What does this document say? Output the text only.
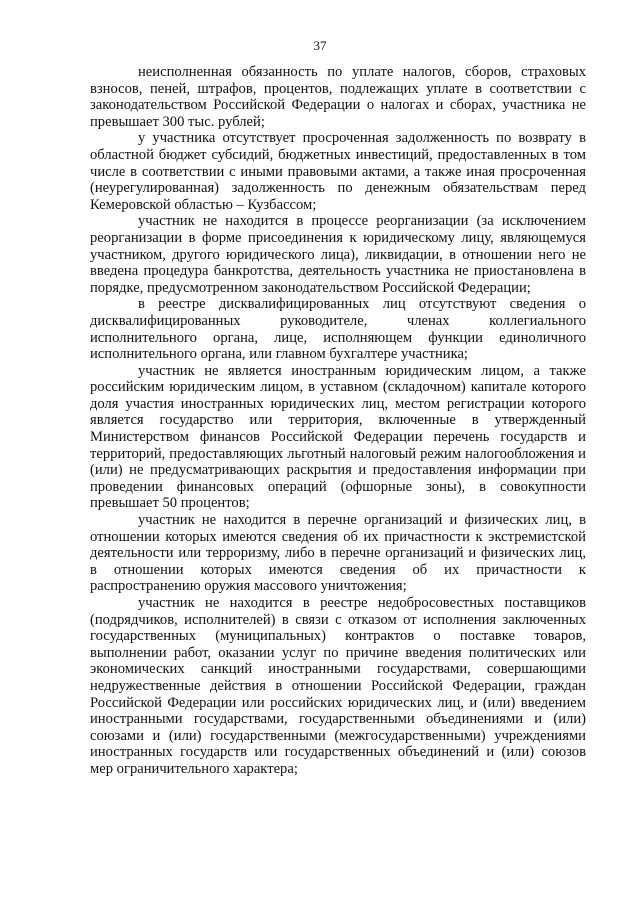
37

неисполненная обязанность по уплате налогов, сборов, страховых взносов, пеней, штрафов, процентов, подлежащих уплате в соответствии с законодательством Российской Федерации о налогах и сборах, участника не превышает 300 тыс. рублей;

у участника отсутствует просроченная задолженность по возврату в областной бюджет субсидий, бюджетных инвестиций, предоставленных в том числе в соответствии с иными правовыми актами, а также иная просроченная (неурегулированная) задолженность по денежным обязательствам перед Кемеровской областью – Кузбассом;

участник не находится в процессе реорганизации (за исключением реорганизации в форме присоединения к юридическому лицу, являющемуся участником, другого юридического лица), ликвидации, в отношении него не введена процедура банкротства, деятельность участника не приостановлена в порядке, предусмотренном законодательством Российской Федерации;

в реестре дисквалифицированных лиц отсутствуют сведения о дисквалифицированных руководителе, членах коллегиального исполнительного органа, лице, исполняющем функции единоличного исполнительного органа, или главном бухгалтере участника;

участник не является иностранным юридическим лицом, а также российским юридическим лицом, в уставном (складочном) капитале которого доля участия иностранных юридических лиц, местом регистрации которого является государство или территория, включенные в утвержденный Министерством финансов Российской Федерации перечень государств и территорий, предоставляющих льготный налоговый режим налогообложения и (или) не предусматривающих раскрытия и предоставления информации при проведении финансовых операций (офшорные зоны), в совокупности превышает 50 процентов;

участник не находится в перечне организаций и физических лиц, в отношении которых имеются сведения об их причастности к экстремистской деятельности или терроризму, либо в перечне организаций и физических лиц, в отношении которых имеются сведения об их причастности к распространению оружия массового уничтожения;

участник не находится в реестре недобросовестных поставщиков (подрядчиков, исполнителей) в связи с отказом от исполнения заключенных государственных (муниципальных) контрактов о поставке товаров, выполнении работ, оказании услуг по причине введения политических или экономических санкций иностранными государствами, совершающими недружественные действия в отношении Российской Федерации, граждан Российской Федерации или российских юридических лиц, и (или) введением иностранными государствами, государственными объединениями и (или) союзами и (или) государственными (межгосударственными) учреждениями иностранных государств или государственных объединений и (или) союзов мер ограничительного характера;
